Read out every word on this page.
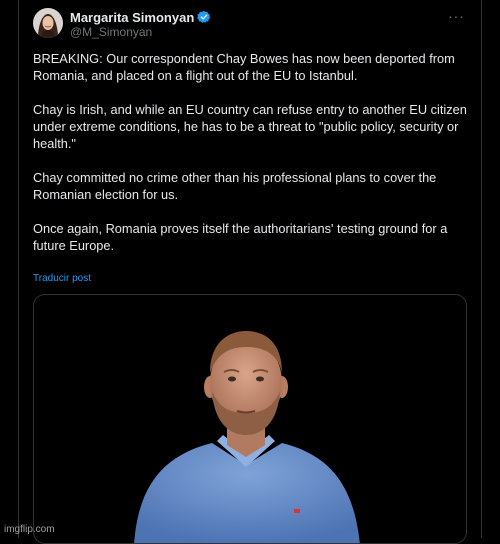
Margarita Simonyan
@M_Simonyan
···

BREAKING: Our correspondent Chay Bowes has now been deported from Romania, and placed on a flight out of the EU to Istanbul.

Chay is Irish, and while an EU country can refuse entry to another EU citizen under extreme conditions, he has to be a threat to "public policy, security or health."

Chay committed no crime other than his professional plans to cover the Romanian election for us.

Once again, Romania proves itself the authoritarians' testing ground for a future Europe.

Traducir post
imgflip.com
